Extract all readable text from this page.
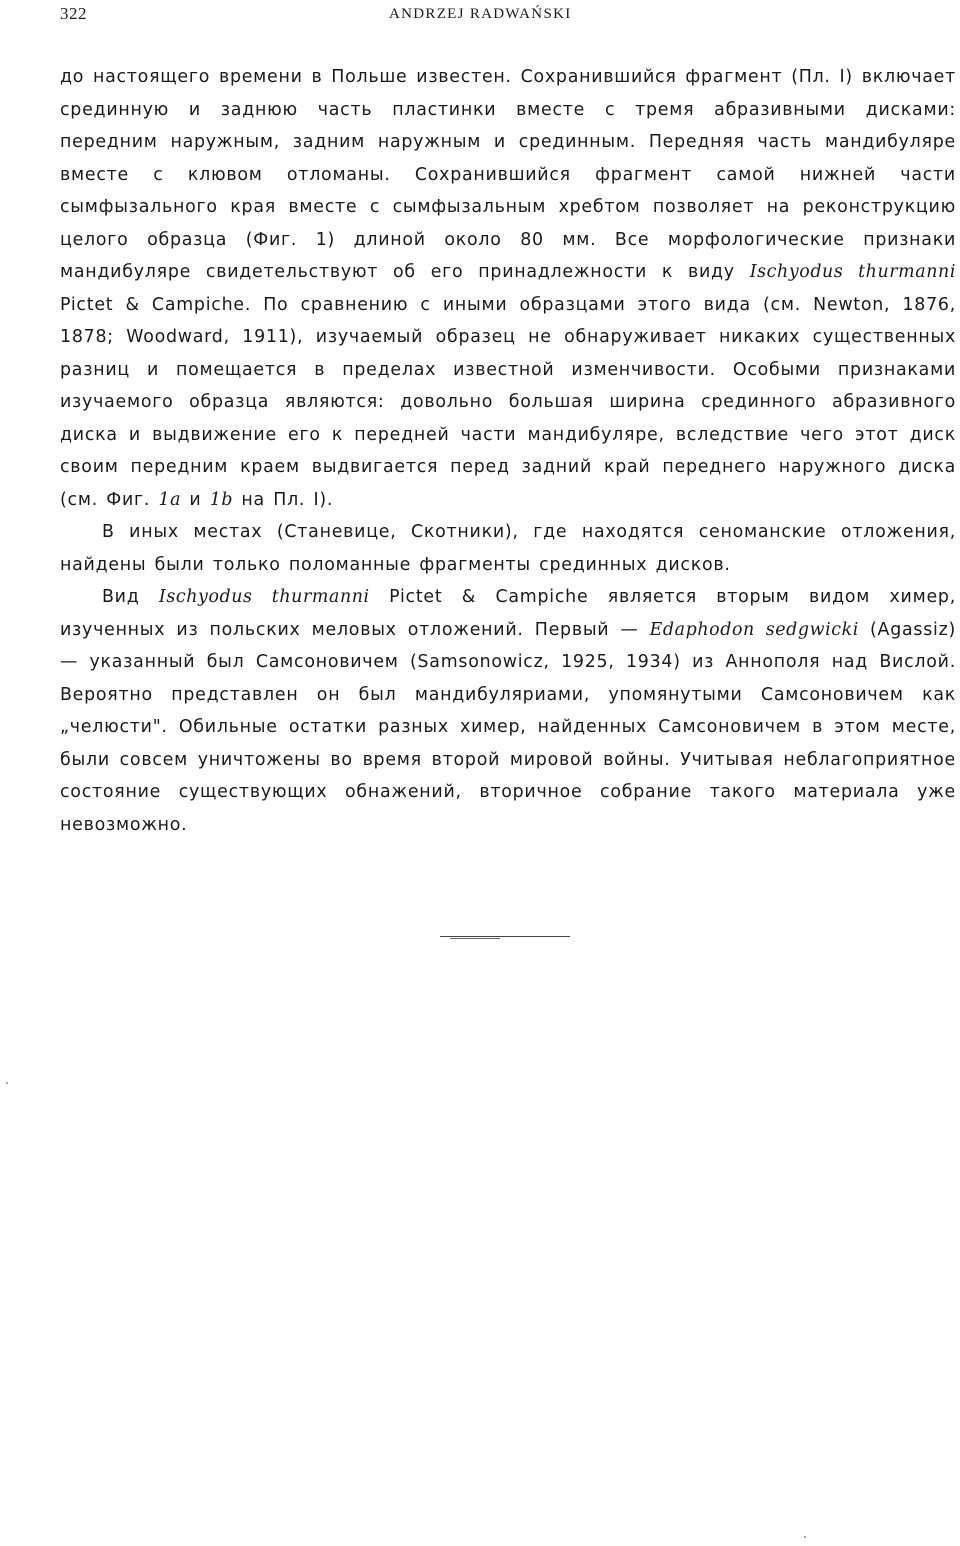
322	ANDRZEJ RADWAŃSKI

до настоящего времени в Польше известен. Сохранившийся фрагмент (Пл. I) включает срединную и заднюю часть пластинки вместе с тремя абразивными дисками: передним наружным, задним наружным и срединным. Передняя часть мандибуляре вместе с клювом отломаны. Сохранившийся фрагмент самой нижней части сымфызального края вместе с сымфызальным хребтом позволяет на реконструкцию целого образца (Фиг. 1) длиной около 80 мм. Все морфологические признаки мандибуляре свидетельствуют об его принадлежности к виду Ischyodus thurmanni Pictet & Campiche. По сравнению с иными образцами этого вида (см. Newton, 1876, 1878; Woodward, 1911), изучаемый образец не обнаруживает никаких существенных разниц и помещается в пределах известной изменчивости. Особыми признаками изучаемого образца являются: довольно большая ширина срединного абразивного диска и выдвижение его к передней части мандибуляре, вследствие чего этот диск своим передним краем выдвигается перед задний край переднего наружного диска (см. Фиг. 1a и 1b на Пл. I).

В иных местах (Станевице, Скотники), где находятся сеноманские отложения, найдены были только поломанные фрагменты срединных дисков.

Вид Ischyodus thurmanni Pictet & Campiche является вторым видом химер, изученных из польских меловых отложений. Первый — Edaphodon sedgwicki (Agassiz) — указанный был Самсоновичем (Samsonowicz, 1925, 1934) из Аннополя над Вислой. Вероятно представлен он был мандибуляриами, упомянутыми Самсоновичем как „челюсти". Обильные остатки разных химер, найденных Самсоновичем в этом месте, были совсем уничтожены во время второй мировой войны. Учитывая неблагоприятное состояние существующих обнажений, вторичное собрание такого материала уже невозможно.
